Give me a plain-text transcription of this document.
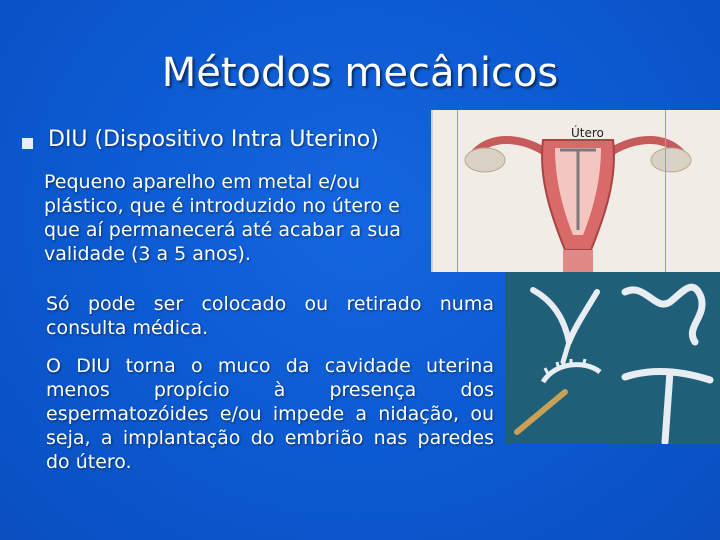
Métodos mecânicos
DIU (Dispositivo Intra Uterino)
Pequeno aparelho em metal e/ou plástico, que é introduzido no útero e que aí permanecerá até acabar a sua validade (3 a 5 anos).
Só pode ser colocado ou retirado numa consulta médica.
O DIU torna o muco da cavidade uterina menos propício à presença dos espermatozóides e/ou impede a nidação, ou seja, a implantação do embrião nas paredes do útero.
Útero
